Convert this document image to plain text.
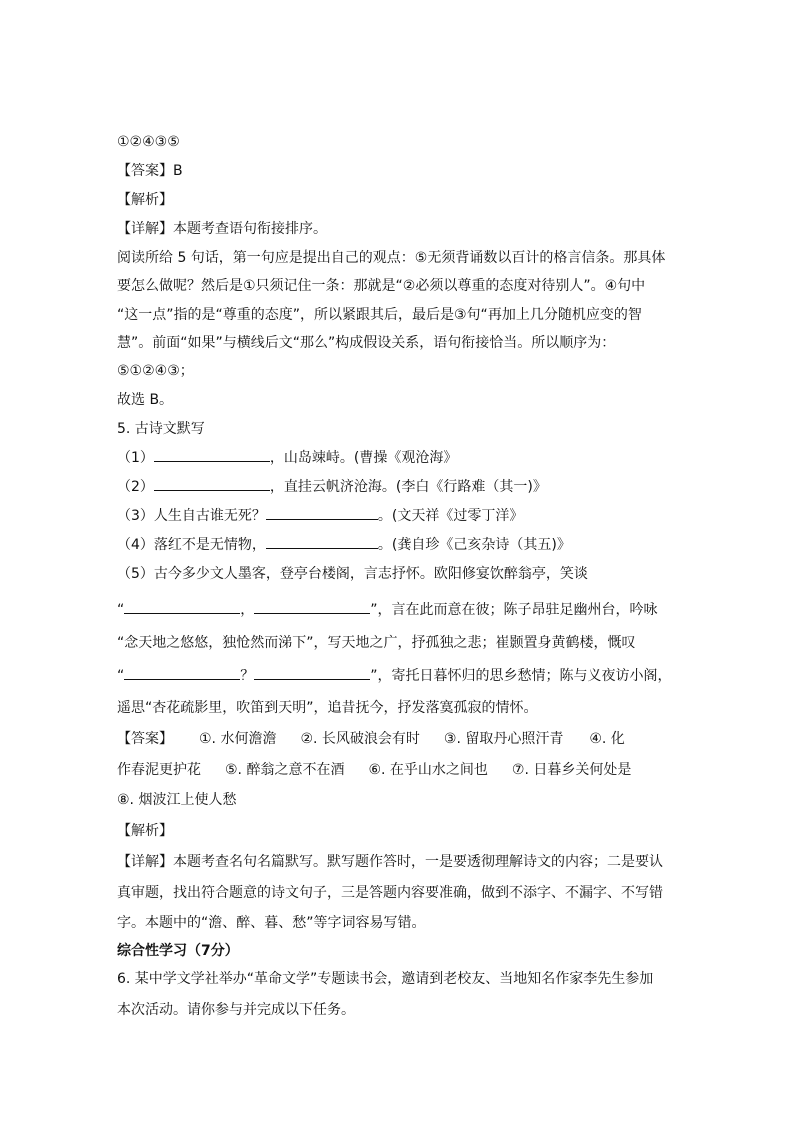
①②④③⑤
【答案】B
【解析】
【详解】本题考查语句衔接排序。
阅读所给 5 句话，第一句应是提出自己的观点：⑤无须背诵数以百计的格言信条。那具体
要怎么做呢？然后是①只须记住一条：那就是“②必须以尊重的态度对待别人”。④句中
“这一点”指的是“尊重的态度”，所以紧跟其后，最后是③句“再加上几分随机应变的智
慧”。前面“如果”与横线后文“那么”构成假设关系，语句衔接恰当。所以顺序为：
⑤①②④③；
故选 B。
5. 古诗文默写
（1）	，山岛竦峙。(曹操《观沧海》
（2）	，直挂云帆济沧海。(李白《行路难（其一)》
（3）人生自古谁无死？	。(文天祥《过零丁洋》
（4）落红不是无情物，	。(龚自珍《己亥杂诗（其五)》
（5）古今多少文人墨客，登亭台楼阁，言志抒怀。欧阳修宴饮醉翁亭，笑谈
“	，	”，言在此而意在彼；陈子昂驻足幽州台，吟咏
“念天地之悠悠，独怆然而涕下”，写天地之广，抒孤独之悲；崔颢置身黄鹤楼，慨叹
“	？	”，寄托日暮怀归的思乡愁情；陈与义夜访小阁，
遥思“杏花疏影里，吹笛到天明”，追昔抚今，抒发落寞孤寂的情怀。
【答案】 ①. 水何澹澹 ②. 长风破浪会有时 ③. 留取丹心照汗青 ④. 化
作春泥更护花 ⑤. 醉翁之意不在酒 ⑥. 在乎山水之间也 ⑦. 日暮乡关何处是
⑧. 烟波江上使人愁
【解析】
【详解】本题考查名句名篇默写。默写题作答时，一是要透彻理解诗文的内容；二是要认
真审题，找出符合题意的诗文句子，三是答题内容要准确，做到不添字、不漏字、不写错
字。本题中的“澹、醉、暮、愁”等字词容易写错。
综合性学习（7分）
6. 某中学文学社举办“革命文学”专题读书会，邀请到老校友、当地知名作家李先生参加
本次活动。请你参与并完成以下任务。
